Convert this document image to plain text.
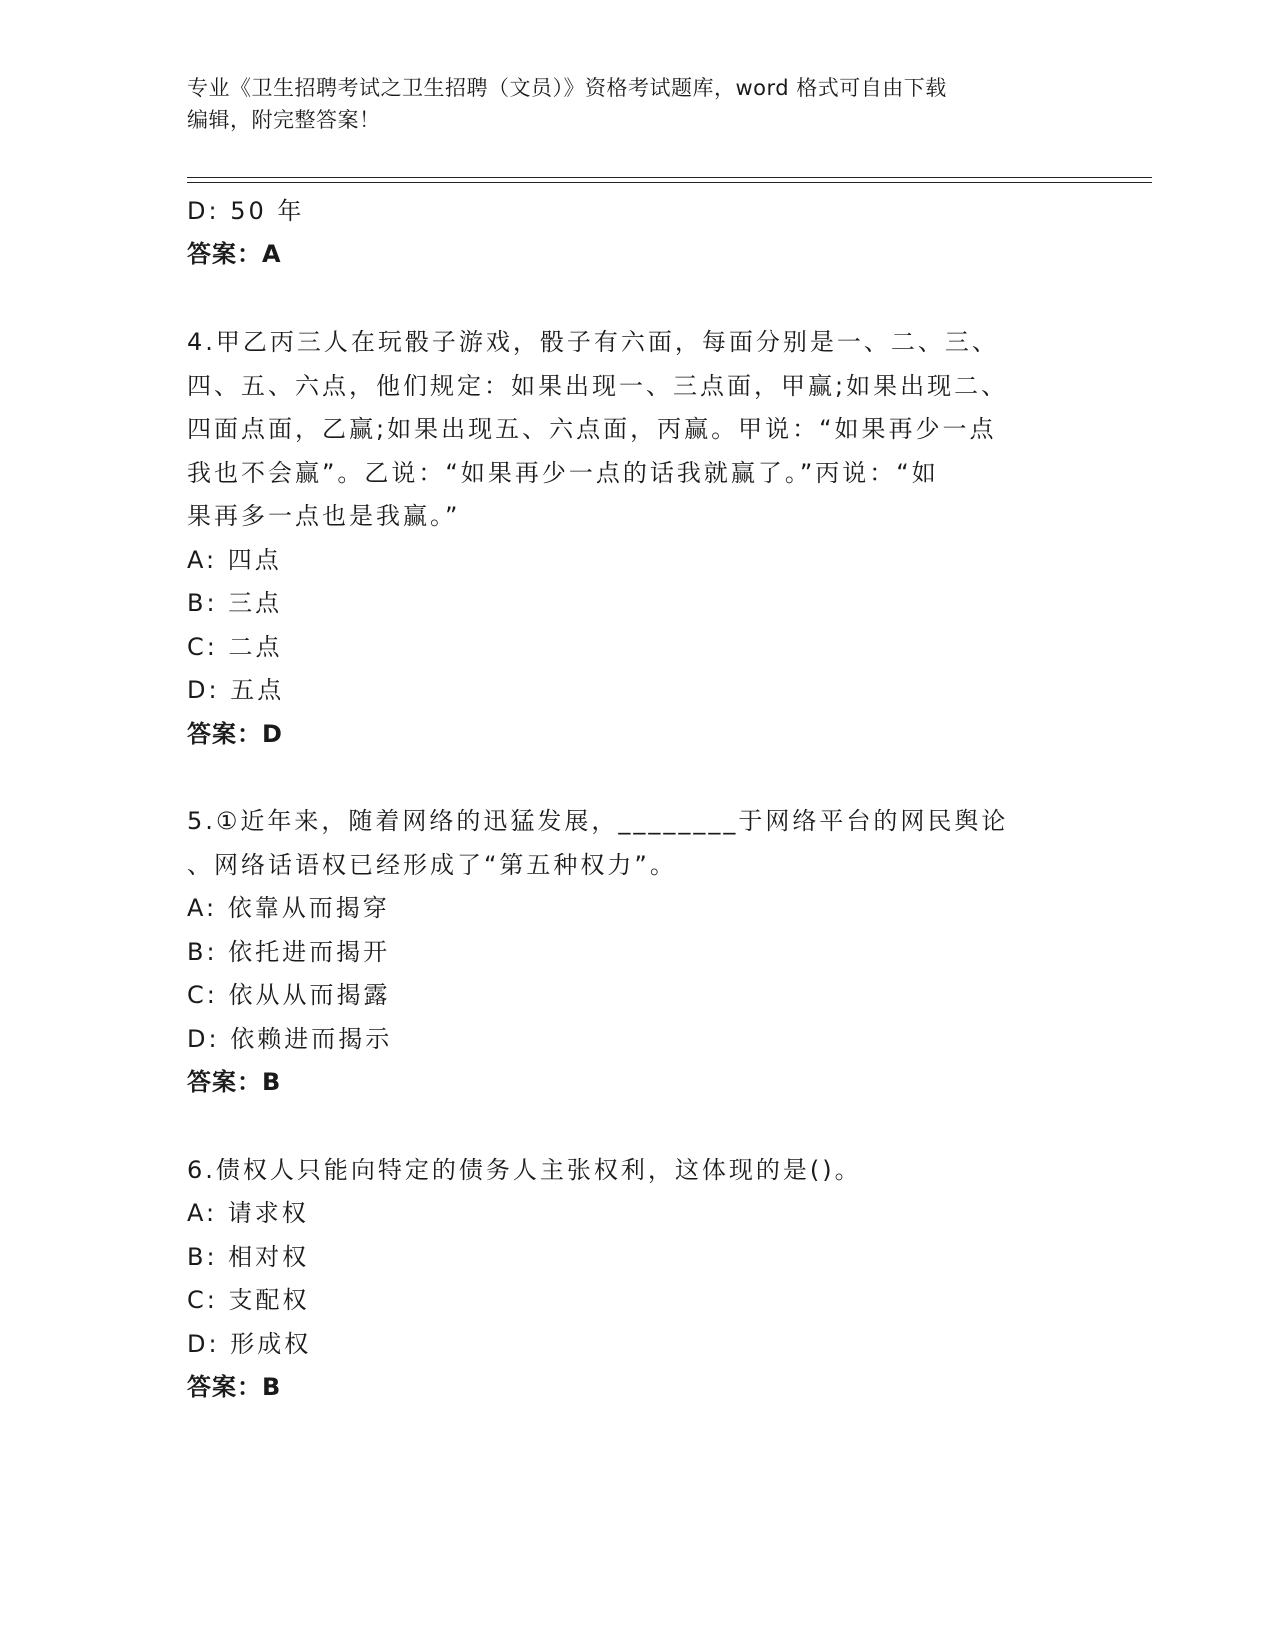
专业《卫生招聘考试之卫生招聘（文员）》资格考试题库，word 格式可自由下载
编辑，附完整答案！
D: 50 年
答案：A
4.甲乙丙三人在玩骰子游戏，骰子有六面，每面分别是一、二、三、
四、五、六点，他们规定：如果出现一、三点面，甲赢;如果出现二、
四面点面，乙赢;如果出现五、六点面，丙赢。甲说：“如果再少一点
我也不会赢”。乙说：“如果再少一点的话我就赢了。”丙说：“如
果再多一点也是我赢。”
A: 四点
B: 三点
C: 二点
D: 五点
答案：D
5.①近年来，随着网络的迅猛发展，________于网络平台的网民舆论
、网络话语权已经形成了“第五种权力”。
A: 依靠从而揭穿
B: 依托进而揭开
C: 依从从而揭露
D: 依赖进而揭示
答案：B
6.债权人只能向特定的债务人主张权利，这体现的是()。
A: 请求权
B: 相对权
C: 支配权
D: 形成权
答案：B
